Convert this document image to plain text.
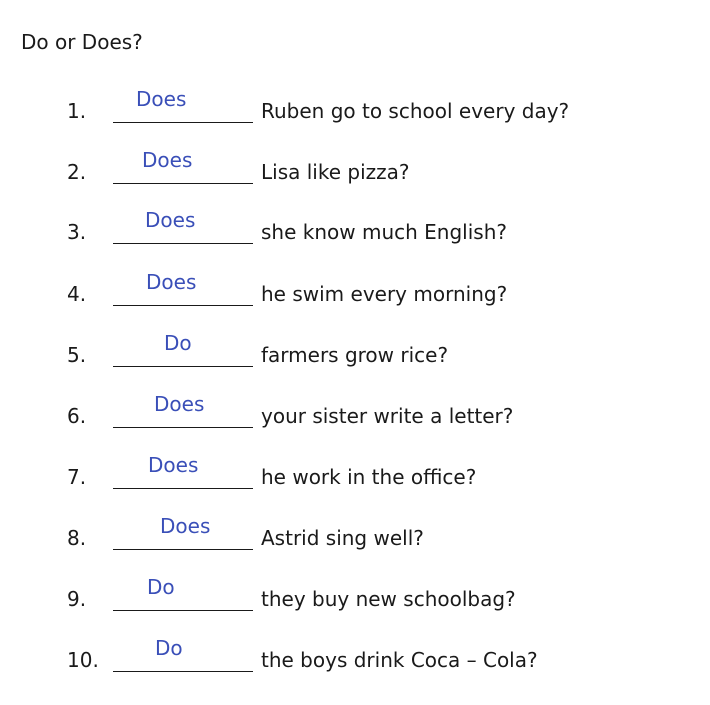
Do or Does?
1. Does	Ruben go to school every day?
2.	Does	Lisa like pizza?
3.	Does	she know much English?
4.	Does	he swim every morning?
5.	Do	farmers grow rice?
6.	Does	your sister write a letter?
7.	Does	he work in the office?
8.	Does	Astrid sing well?
9.	Do	they buy new schoolbag?
10.	Do	the boys drink Coca – Cola?
